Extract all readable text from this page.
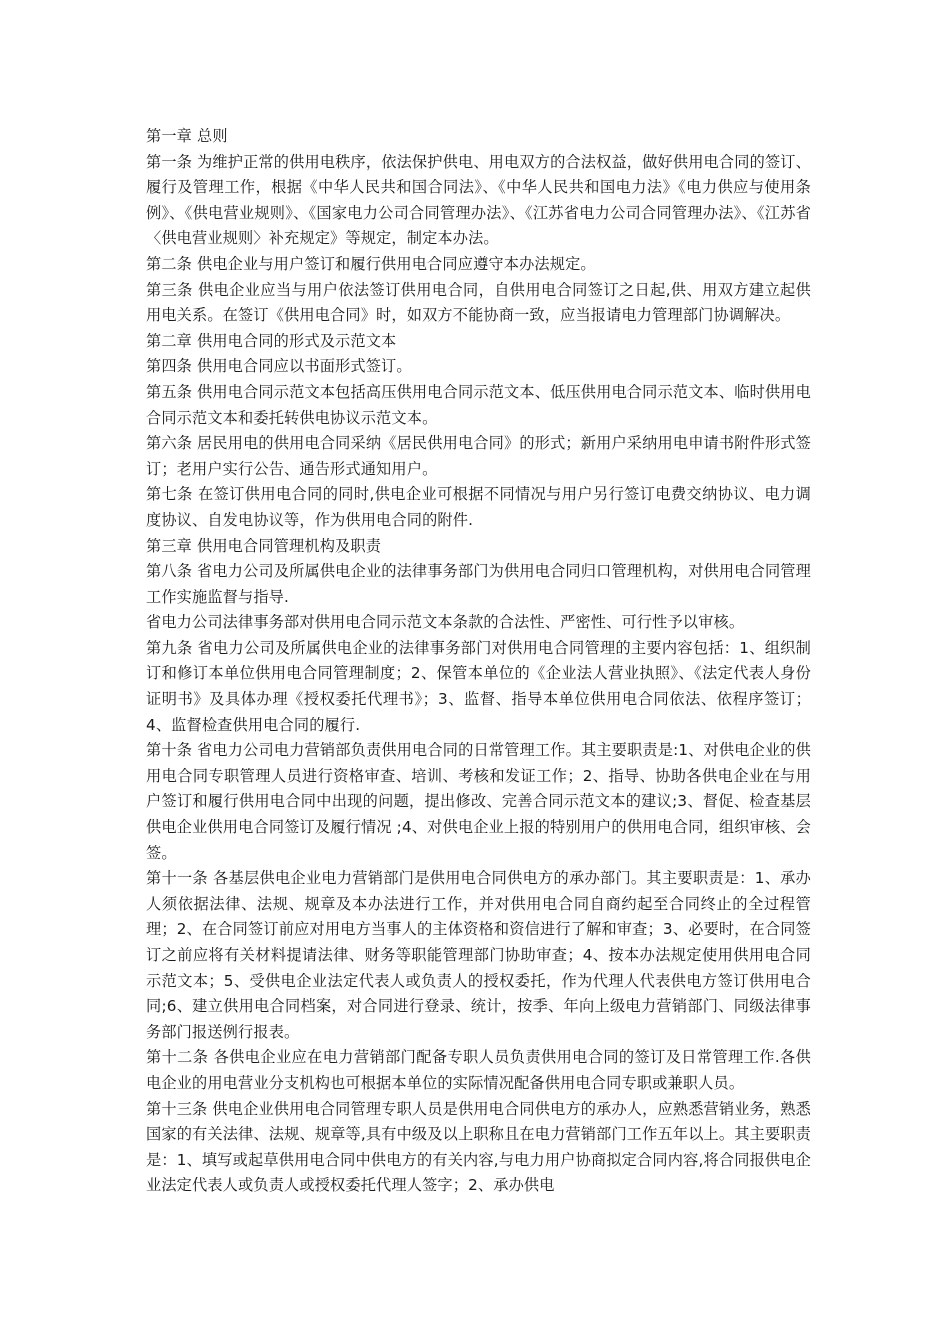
第一章 总则

第一条 为维护正常的供用电秩序，依法保护供电、用电双方的合法权益，做好供用电合同的签订、履行及管理工作，根据《中华人民共和国合同法》、《中华人民共和国电力法》《电力供应与使用条例》、《供电营业规则》、《国家电力公司合同管理办法》、《江苏省电力公司合同管理办法》、《江苏省〈供电营业规则〉补充规定》等规定，制定本办法。

第二条 供电企业与用户签订和履行供用电合同应遵守本办法规定。

第三条 供电企业应当与用户依法签订供用电合同，自供用电合同签订之日起,供、用双方建立起供用电关系。在签订《供用电合同》时，如双方不能协商一致，应当报请电力管理部门协调解决。

第二章 供用电合同的形式及示范文本

第四条 供用电合同应以书面形式签订。

第五条 供用电合同示范文本包括高压供用电合同示范文本、低压供用电合同示范文本、临时供用电合同示范文本和委托转供电协议示范文本。

第六条 居民用电的供用电合同采纳《居民供用电合同》的形式；新用户采纳用电申请书附件形式签订；老用户实行公告、通告形式通知用户。

第七条 在签订供用电合同的同时,供电企业可根据不同情况与用户另行签订电费交纳协议、电力调度协议、自发电协议等，作为供用电合同的附件.

第三章 供用电合同管理机构及职责

第八条 省电力公司及所属供电企业的法律事务部门为供用电合同归口管理机构，对供用电合同管理工作实施监督与指导.

省电力公司法律事务部对供用电合同示范文本条款的合法性、严密性、可行性予以审核。

第九条 省电力公司及所属供电企业的法律事务部门对供用电合同管理的主要内容包括：1、组织制订和修订本单位供用电合同管理制度；2、保管本单位的《企业法人营业执照》、《法定代表人身份证明书》及具体办理《授权委托代理书》；3、监督、指导本单位供用电合同依法、依程序签订；4、监督检查供用电合同的履行.

第十条 省电力公司电力营销部负责供用电合同的日常管理工作。其主要职责是:1、对供电企业的供用电合同专职管理人员进行资格审查、培训、考核和发证工作；2、指导、协助各供电企业在与用户签订和履行供用电合同中出现的问题，提出修改、完善合同示范文本的建议;3、督促、检查基层供电企业供用电合同签订及履行情况 ;4、对供电企业上报的特别用户的供用电合同，组织审核、会签。

第十一条 各基层供电企业电力营销部门是供用电合同供电方的承办部门。其主要职责是：1、承办人须依据法律、法规、规章及本办法进行工作，并对供用电合同自商约起至合同终止的全过程管理；2、在合同签订前应对用电方当事人的主体资格和资信进行了解和审查；3、必要时，在合同签订之前应将有关材料提请法律、财务等职能管理部门协助审查；4、按本办法规定使用供用电合同示范文本；5、受供电企业法定代表人或负责人的授权委托，作为代理人代表供电方签订供用电合同;6、建立供用电合同档案，对合同进行登录、统计，按季、年向上级电力营销部门、同级法律事务部门报送例行报表。

第十二条 各供电企业应在电力营销部门配备专职人员负责供用电合同的签订及日常管理工作.各供电企业的用电营业分支机构也可根据本单位的实际情况配备供用电合同专职或兼职人员。

第十三条 供电企业供用电合同管理专职人员是供用电合同供电方的承办人，应熟悉营销业务，熟悉国家的有关法律、法规、规章等,具有中级及以上职称且在电力营销部门工作五年以上。其主要职责是：1、填写或起草供用电合同中供电方的有关内容,与电力用户协商拟定合同内容,将合同报供电企业法定代表人或负责人或授权委托代理人签字；2、承办供电
